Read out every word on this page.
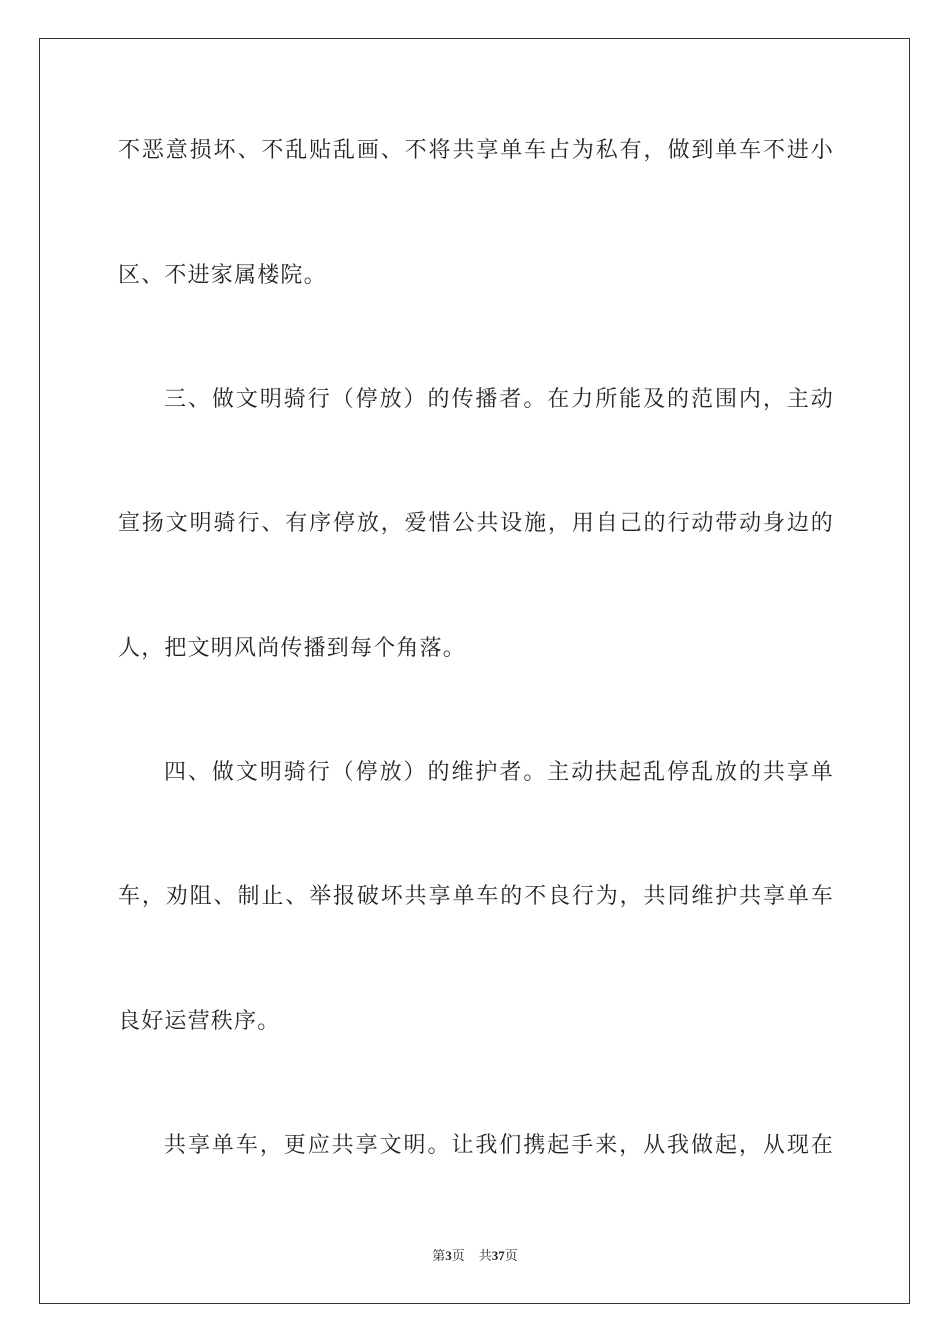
不恶意损坏、不乱贴乱画、不将共享单车占为私有，做到单车不进小
区、不进家属楼院。
三、做文明骑行（停放）的传播者。在力所能及的范围内，主动
宣扬文明骑行、有序停放，爱惜公共设施，用自己的行动带动身边的
人，把文明风尚传播到每个角落。
四、做文明骑行（停放）的维护者。主动扶起乱停乱放的共享单
车，劝阻、制止、举报破坏共享单车的不良行为，共同维护共享单车
良好运营秩序。
共享单车，更应共享文明。让我们携起手来，从我做起，从现在
第3页 共37页
